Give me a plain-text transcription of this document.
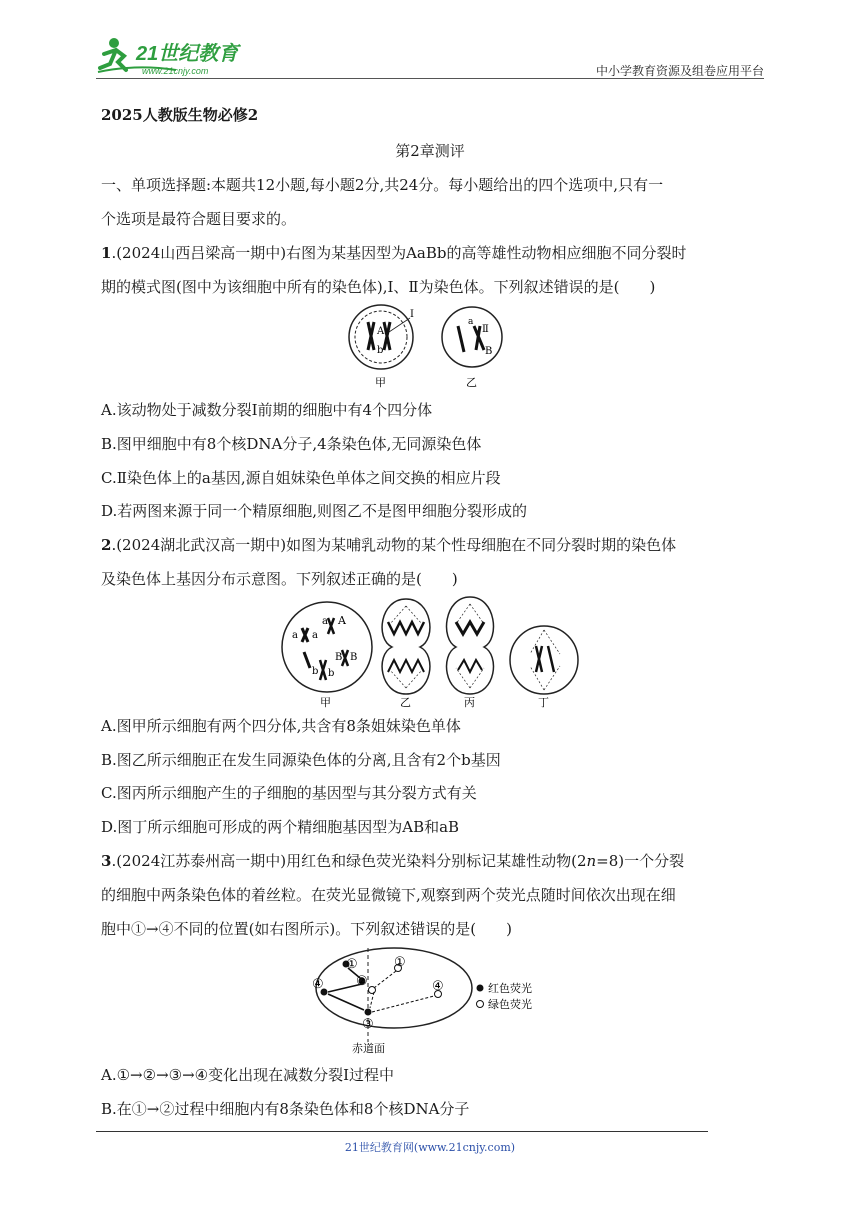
21世纪教育
www.21cnjy.com	中小学教育资源及组卷应用平台
2025人教版生物必修2
第2章测评
一、单项选择题:本题共12小题,每小题2分,共24分。每小题给出的四个选项中,只有一
个选项是最符合题目要求的。
1.(2024山西吕梁高一期中)右图为某基因型为AaBb的高等雄性动物相应细胞不同分裂时
期的模式图(图中为该细胞中所有的染色体),Ⅰ、Ⅱ为染色体。下列叙述错误的是(　　)
A
b
Ⅰ
甲
a
Ⅱ
B
乙
A.该动物处于减数分裂Ⅰ前期的细胞中有4个四分体
B.图甲细胞中有8个核DNA分子,4条染色体,无同源染色体
C.Ⅱ染色体上的a基因,源自姐妹染色单体之间交换的相应片段
D.若两图来源于同一个精原细胞,则图乙不是图甲细胞分裂形成的
2.(2024湖北武汉高一期中)如图为某哺乳动物的某个性母细胞在不同分裂时期的染色体
及染色体上基因分布示意图。下列叙述正确的是(　　)
a a
a A
b b
B B
甲	乙	丙	丁
A.图甲所示细胞有两个四分体,共含有8条姐妹染色单体
B.图乙所示细胞正在发生同源染色体的分离,且含有2个b基因
C.图丙所示细胞产生的子细胞的基因型与其分裂方式有关
D.图丁所示细胞可形成的两个精细胞基因型为AB和aB
3.(2024江苏泰州高一期中)用红色和绿色荧光染料分别标记某雄性动物(2n=8)一个分裂
的细胞中两条染色体的着丝粒。在荧光显微镜下,观察到两个荧光点随时间依次出现在细
胞中①→④不同的位置(如右图所示)。下列叙述错误的是(　　)
①
②
④
③
①
④	红色荧光
绿色荧光
赤道面
A.①→②→③→④变化出现在减数分裂Ⅰ过程中
B.在①→②过程中细胞内有8条染色体和8个核DNA分子
21世纪教育网(www.21cnjy.com)
